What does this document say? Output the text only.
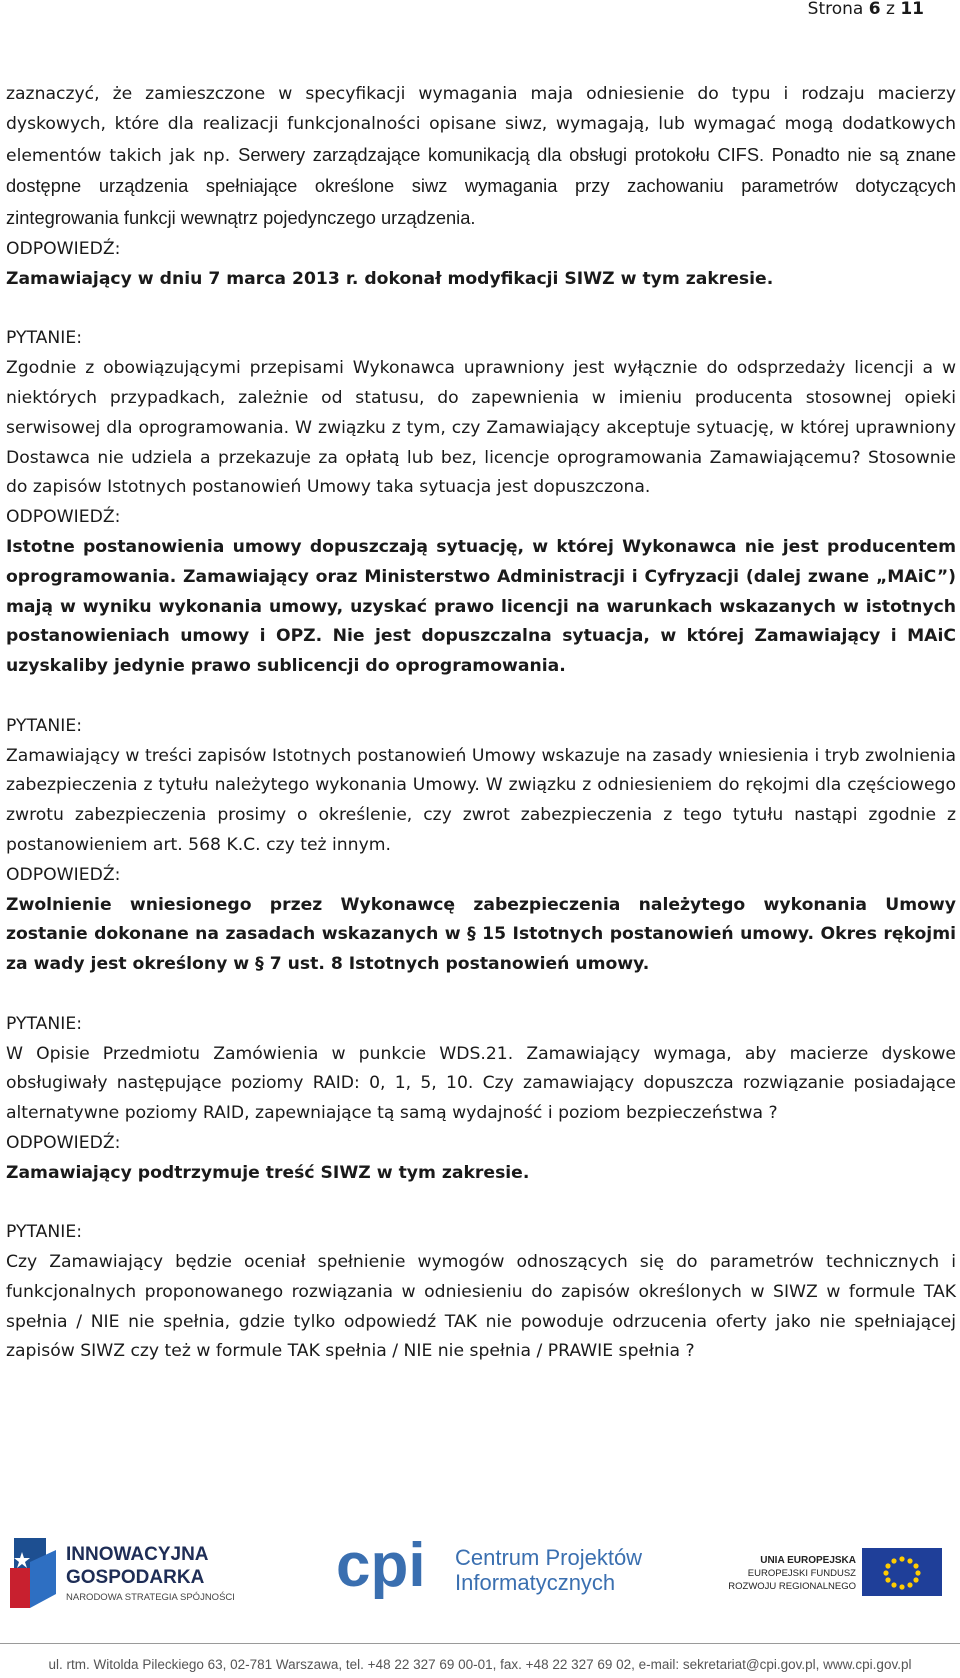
Strona 6 z 11

zaznaczyć, że zamieszczone w specyfikacji wymagania maja odniesienie do typu i rodzaju macierzy dyskowych, które dla realizacji funkcjonalności opisane siwz, wymagają, lub wymagać mogą dodatkowych elementów takich jak np. Serwery zarządzające komunikacją dla obsługi protokołu CIFS. Ponadto nie są znane dostępne urządzenia spełniające określone siwz wymagania przy zachowaniu parametrów dotyczących zintegrowania funkcji wewnątrz pojedynczego urządzenia.

ODPOWIEDŹ:

Zamawiający w dniu 7 marca 2013 r. dokonał modyfikacji SIWZ w tym zakresie.

PYTANIE:

Zgodnie z obowiązującymi przepisami Wykonawca uprawniony jest wyłącznie do odsprzedaży licencji a w niektórych przypadkach, zależnie od statusu, do zapewnienia w imieniu producenta stosownej opieki serwisowej dla oprogramowania. W związku z tym, czy Zamawiający akceptuje sytuację, w której uprawniony Dostawca nie udziela a przekazuje za opłatą lub bez, licencje oprogramowania Zamawiającemu? Stosownie do zapisów Istotnych postanowień Umowy taka sytuacja jest dopuszczona.

ODPOWIEDŹ:

Istotne postanowienia umowy dopuszczają sytuację, w której Wykonawca nie jest producentem oprogramowania. Zamawiający oraz Ministerstwo Administracji i Cyfryzacji (dalej zwane „MAiC”) mają w wyniku wykonania umowy, uzyskać prawo licencji na warunkach wskazanych w istotnych postanowieniach umowy i OPZ. Nie jest dopuszczalna sytuacja, w której Zamawiający i MAiC uzyskaliby jedynie prawo sublicencji do oprogramowania.

PYTANIE:

Zamawiający w treści zapisów Istotnych postanowień Umowy wskazuje na zasady wniesienia i tryb zwolnienia zabezpieczenia z tytułu należytego wykonania Umowy. W związku z odniesieniem do rękojmi dla częściowego zwrotu zabezpieczenia prosimy o określenie, czy zwrot zabezpieczenia z tego tytułu nastąpi zgodnie z postanowieniem art. 568 K.C. czy też innym.

ODPOWIEDŹ:

Zwolnienie wniesionego przez Wykonawcę zabezpieczenia należytego wykonania Umowy zostanie dokonane na zasadach wskazanych w § 15 Istotnych postanowień umowy. Okres rękojmi za wady jest określony w § 7 ust. 8 Istotnych postanowień umowy.

PYTANIE:

W Opisie Przedmiotu Zamówienia w punkcie WDS.21. Zamawiający wymaga, aby macierze dyskowe obsługiwały następujące poziomy RAID: 0, 1, 5, 10. Czy zamawiający dopuszcza rozwiązanie posiadające alternatywne poziomy RAID, zapewniające tą samą wydajność i poziom bezpieczeństwa ?

ODPOWIEDŹ:

Zamawiający podtrzymuje treść SIWZ w tym zakresie.

PYTANIE:

Czy Zamawiający będzie oceniał spełnienie wymogów odnoszących się do parametrów technicznych i funkcjonalnych proponowanego rozwiązania w odniesieniu do zapisów określonych w SIWZ w formule TAK spełnia / NIE nie spełnia, gdzie tylko odpowiedź TAK nie powoduje odrzucenia oferty jako nie spełniającej zapisów SIWZ czy też w formule TAK spełnia / NIE nie spełnia / PRAWIE spełnia ?

INNOWACYJNA
GOSPODARKA
NARODOWA STRATEGIA SPÓJNOŚCI cpi Centrum Projektów
Informatycznych
UNIA EUROPEJSKA
EUROPEJSKI FUNDUSZ
ROZWOJU REGIONALNEGO
ul. rtm. Witolda Pileckiego 63, 02-781 Warszawa, tel. +48 22 327 69 00-01, fax. +48 22 327 69 02, e-mail: sekretariat@cpi.gov.pl, www.cpi.gov.pl
